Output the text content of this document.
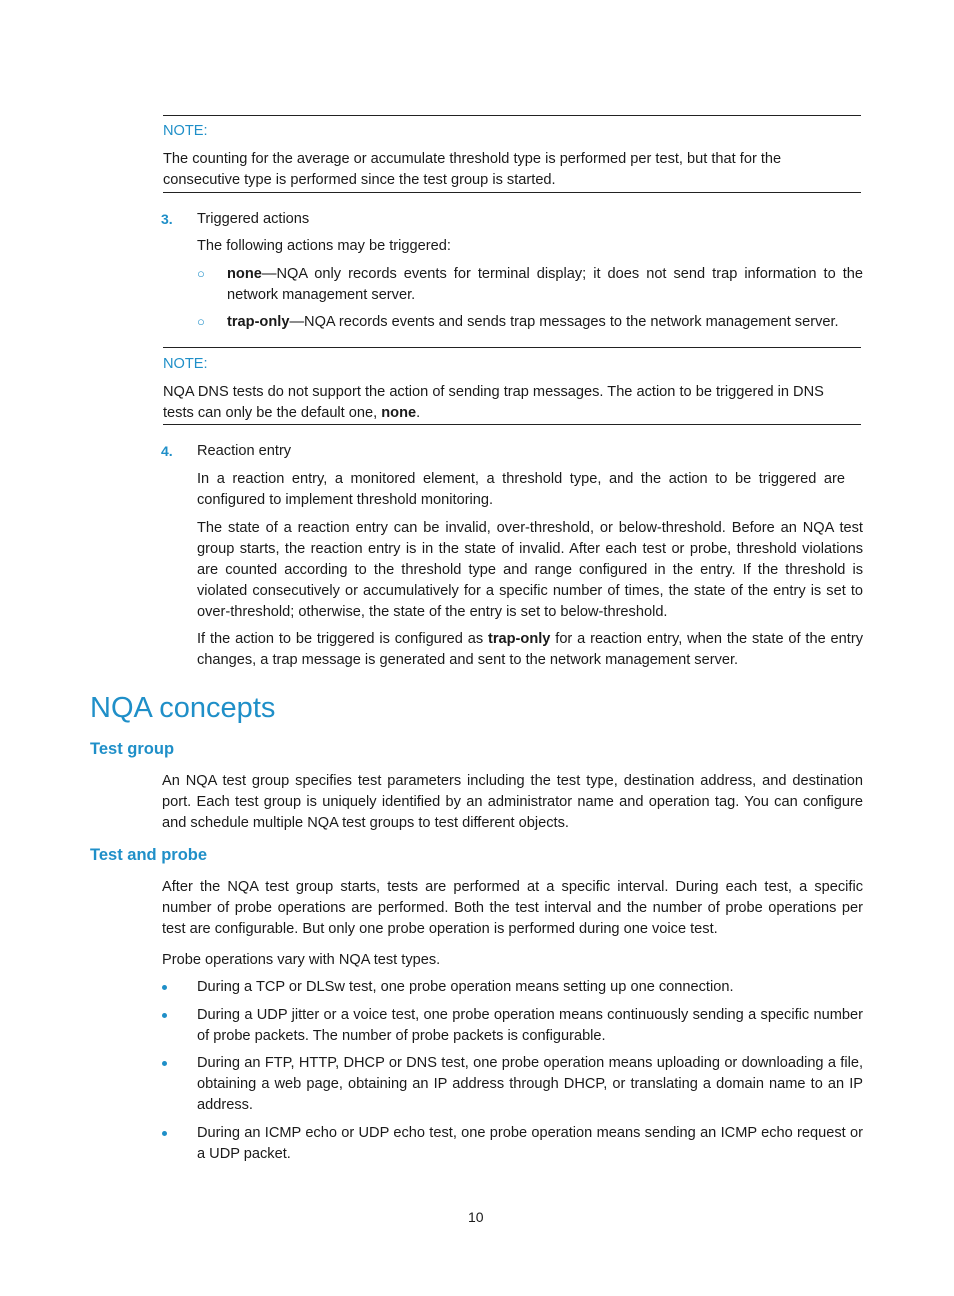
NOTE:
The counting for the average or accumulate threshold type is performed per test, but that for the consecutive type is performed since the test group is started.
3. Triggered actions
The following actions may be triggered:
○ none—NQA only records events for terminal display; it does not send trap information to the network management server.
○ trap-only—NQA records events and sends trap messages to the network management server.
NOTE:
NQA DNS tests do not support the action of sending trap messages. The action to be triggered in DNS tests can only be the default one, none.
4. Reaction entry
In a reaction entry, a monitored element, a threshold type, and the action to be triggered are configured to implement threshold monitoring.
The state of a reaction entry can be invalid, over-threshold, or below-threshold. Before an NQA test group starts, the reaction entry is in the state of invalid. After each test or probe, threshold violations are counted according to the threshold type and range configured in the entry. If the threshold is violated consecutively or accumulatively for a specific number of times, the state of the entry is set to over-threshold; otherwise, the state of the entry is set to below-threshold.
If the action to be triggered is configured as trap-only for a reaction entry, when the state of the entry changes, a trap message is generated and sent to the network management server.
NQA concepts
Test group
An NQA test group specifies test parameters including the test type, destination address, and destination port. Each test group is uniquely identified by an administrator name and operation tag. You can configure and schedule multiple NQA test groups to test different objects.
Test and probe
After the NQA test group starts, tests are performed at a specific interval. During each test, a specific number of probe operations are performed. Both the test interval and the number of probe operations per test are configurable. But only one probe operation is performed during one voice test.
Probe operations vary with NQA test types.
During a TCP or DLSw test, one probe operation means setting up one connection.
During a UDP jitter or a voice test, one probe operation means continuously sending a specific number of probe packets. The number of probe packets is configurable.
During an FTP, HTTP, DHCP or DNS test, one probe operation means uploading or downloading a file, obtaining a web page, obtaining an IP address through DHCP, or translating a domain name to an IP address.
During an ICMP echo or UDP echo test, one probe operation means sending an ICMP echo request or a UDP packet.
10
